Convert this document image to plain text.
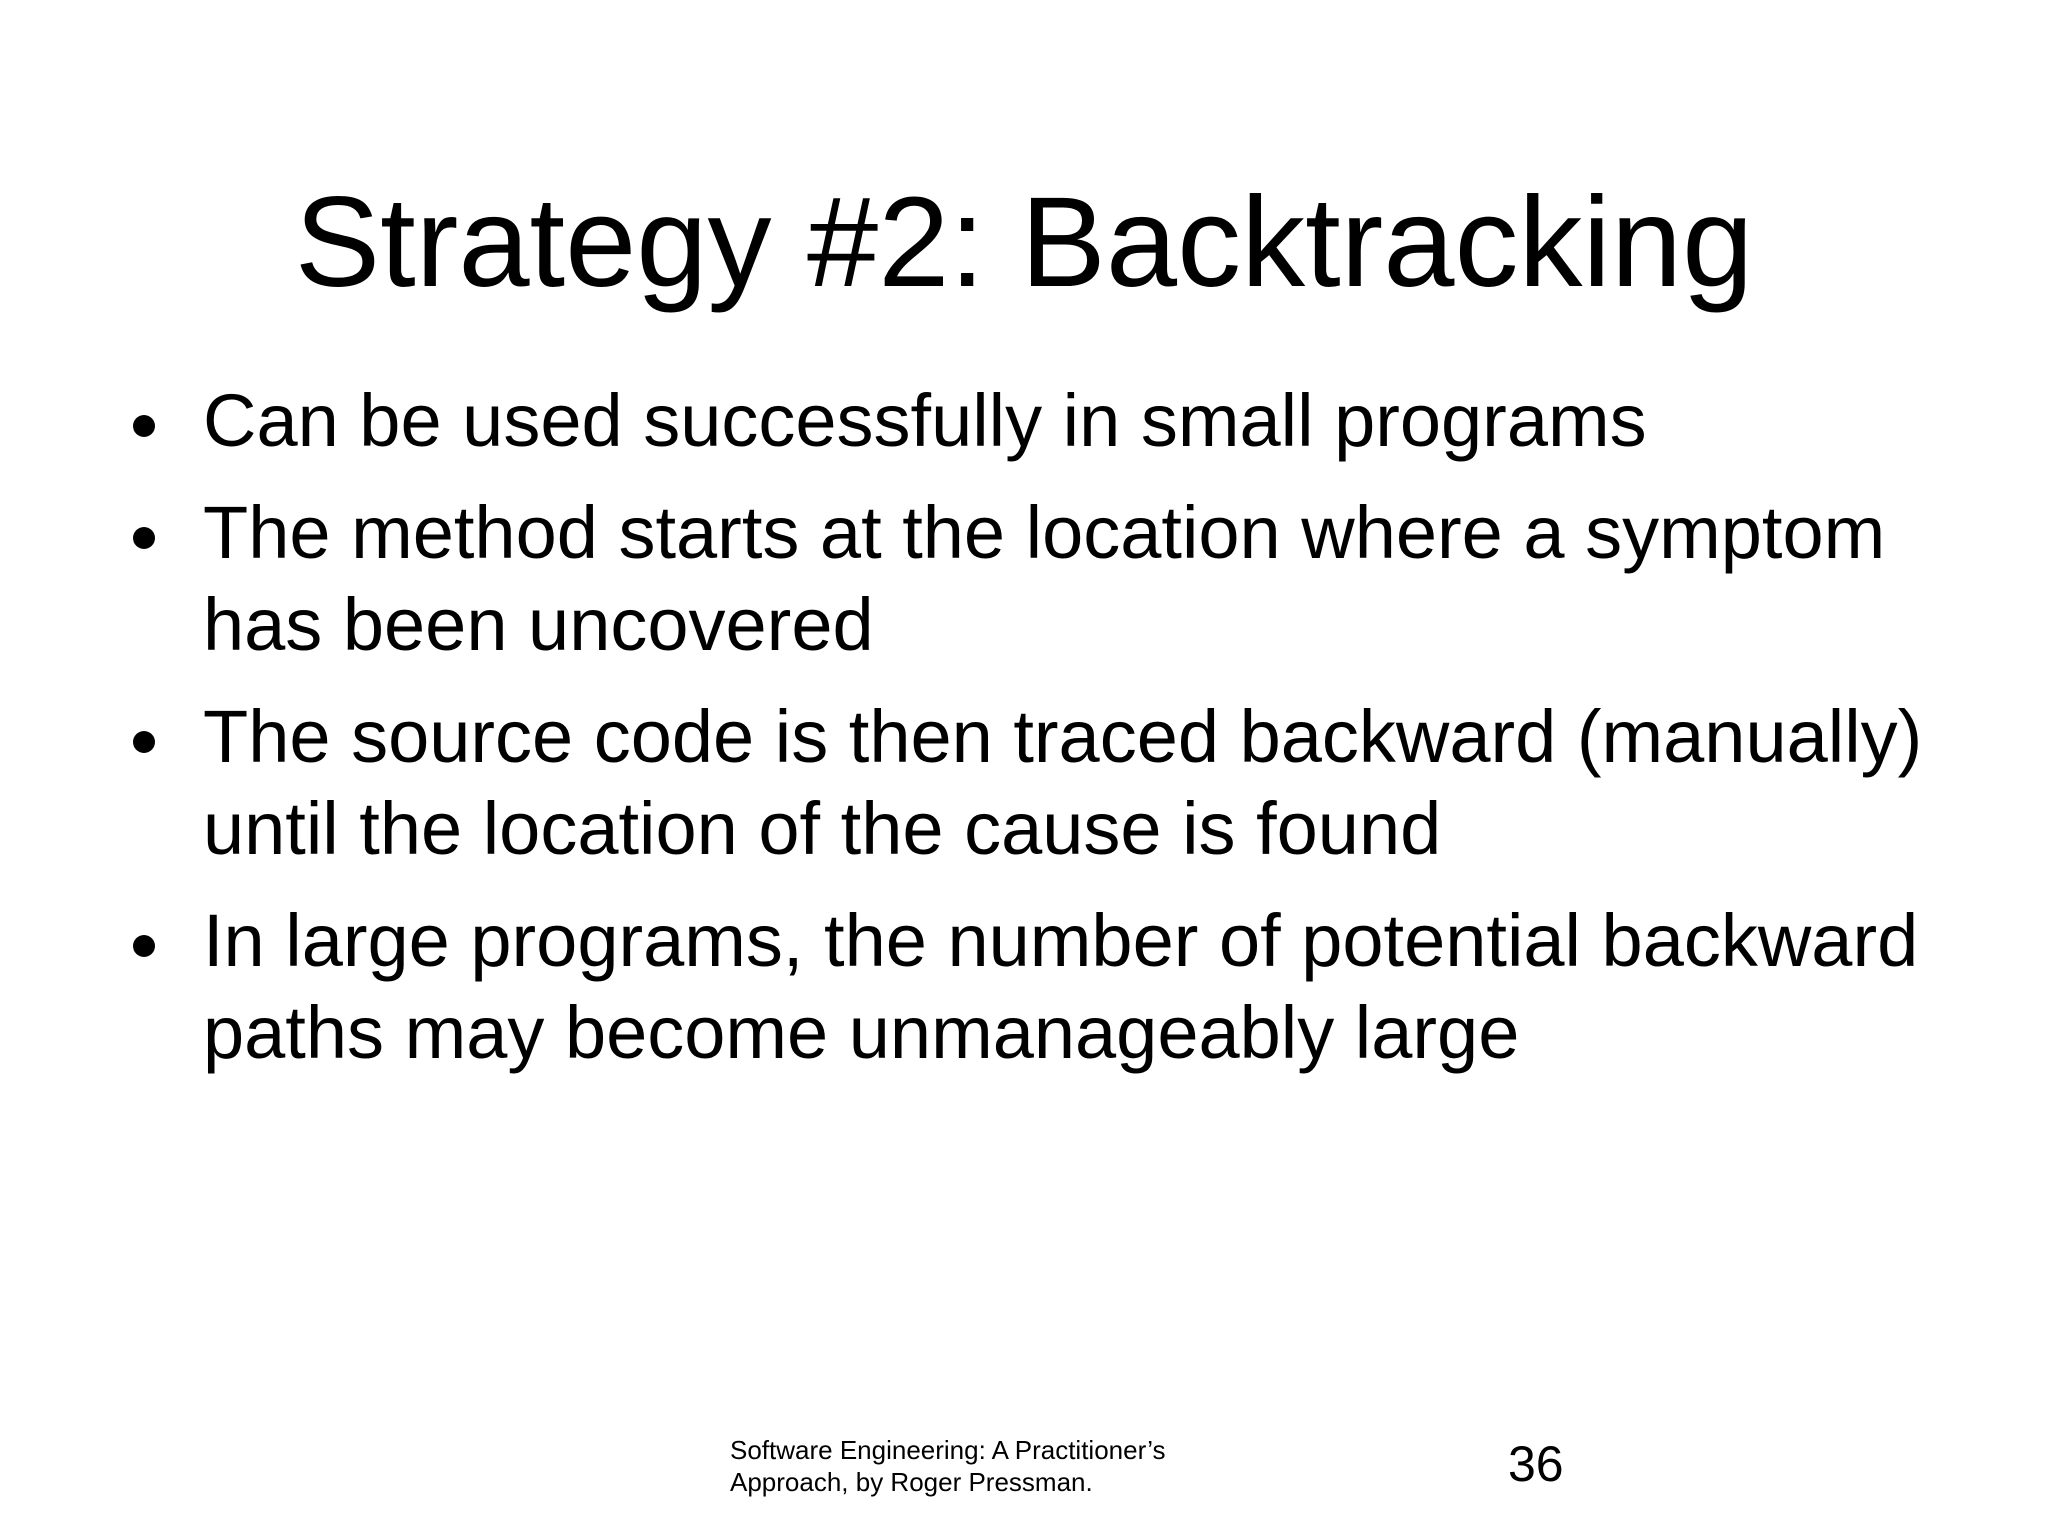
Strategy #2: Backtracking
Can be used successfully in small programs
The method starts at the location where a symptom has been uncovered
The source code is then traced backward (manually) until the location of the cause is found
In large programs, the number of potential backward paths may become unmanageably large
Software Engineering: A Practitioner’s
Approach, by Roger Pressman.	36
